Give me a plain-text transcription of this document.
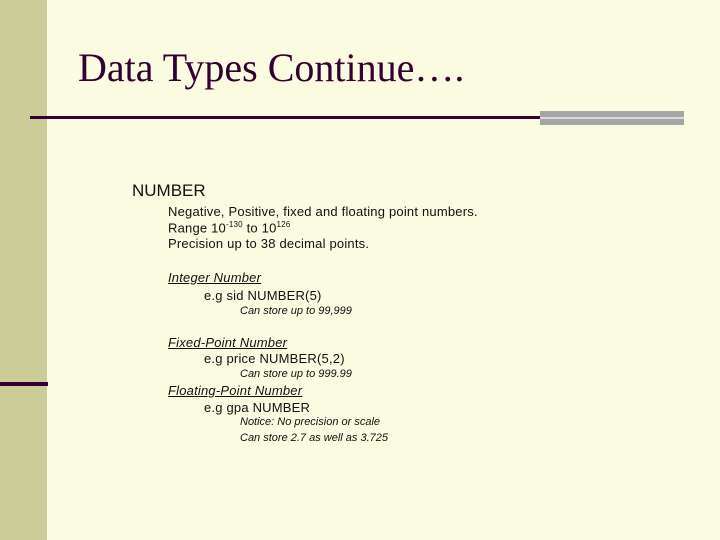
Data Types Continue….
NUMBER
Negative, Positive, fixed and floating point numbers.
Range $10^{-130}$ to $10^{126}$
Precision up to 38 decimal points.
Integer Number
e.g sid NUMBER(5)
Can store up to 99,999
Fixed-Point Number
e.g price NUMBER(5,2)
Can store up to 999.99
Floating-Point Number
e.g gpa NUMBER
Notice: No precision or scale
Can store 2.7 as well as 3.725
